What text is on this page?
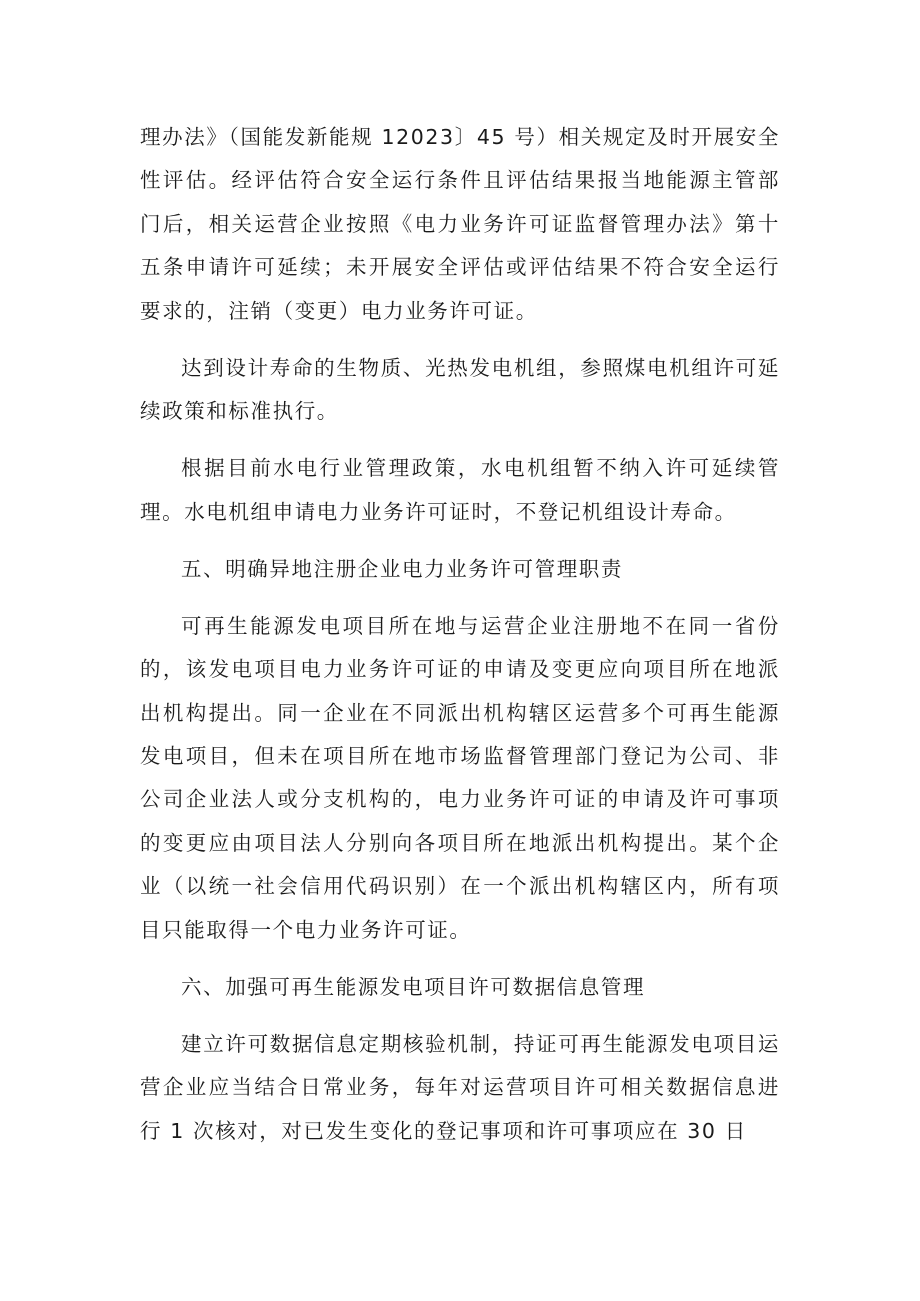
理办法》（国能发新能规 12023〕45 号）相关规定及时开展安全性评估。经评估符合安全运行条件且评估结果报当地能源主管部门后，相关运营企业按照《电力业务许可证监督管理办法》第十五条申请许可延续；未开展安全评估或评估结果不符合安全运行要求的，注销（变更）电力业务许可证。

达到设计寿命的生物质、光热发电机组，参照煤电机组许可延续政策和标准执行。

根据目前水电行业管理政策，水电机组暂不纳入许可延续管理。水电机组申请电力业务许可证时，不登记机组设计寿命。

五、明确异地注册企业电力业务许可管理职责

可再生能源发电项目所在地与运营企业注册地不在同一省份的，该发电项目电力业务许可证的申请及变更应向项目所在地派出机构提出。同一企业在不同派出机构辖区运营多个可再生能源发电项目，但未在项目所在地市场监督管理部门登记为公司、非公司企业法人或分支机构的，电力业务许可证的申请及许可事项的变更应由项目法人分别向各项目所在地派出机构提出。某个企业（以统一社会信用代码识别）在一个派出机构辖区内，所有项目只能取得一个电力业务许可证。

六、加强可再生能源发电项目许可数据信息管理

建立许可数据信息定期核验机制，持证可再生能源发电项目运营企业应当结合日常业务，每年对运营项目许可相关数据信息进行 1 次核对，对已发生变化的登记事项和许可事项应在 30 日
